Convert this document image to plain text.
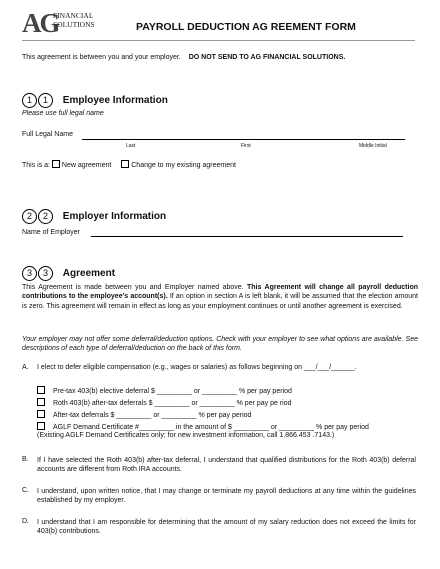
AG
FINANCIAL
SOLUTIONS	PAYROLL DEDUCTION AG REEMENT FORM
This agreement is between you and your employer. DO NOT SEND TO AG FINANCIAL SOLUTIONS.
1 1 Employee Information
Please use full legal name
Full Legal Name
Last	First	Middle Initial
This is a: New agreement	Change to my existing agreement
2 2 Employer Information
Name of Employer
3 3 Agreement
This Agreement is made between you and Employer named above. This Agreement will change all payroll deduction contributions to the employee’s account(s). If an option in section A is left blank, it will be assumed that the election amount is zero. This agreement will remain in effect as long as your employment continues or until another agreement is exercised.
Your employer may not offer some deferral/deduction options. Check with your employer to see what options are available. See descriptions of each type of deferral/deduction on the back of this form.
A. I elect to defer eligible compensation (e.g., wages or salaries) as follows beginning on ___/___/______.
Pre-tax 403(b) elective deferral $ _________ or _________ % per pay period
Roth 403(b) after-tax deferrals $ _________ or _________ % per pay pe riod
After-tax deferrals $ _________ or _________ % per pay period
AGLF Demand Certificate #_________ in the amount of $ _________ or _________ % per pay period
(Existing AGLF Demand Certificates only; for new investment information, call 1.866.453 .7143.)
B. If I have selected the Roth 403(b) after-tax deferral, I understand that qualified distributions for the Roth 403(b) deferral accounts are different from Roth IRA accounts.
C. I understand, upon written notice, that I may change or terminate my payroll deductions at any time within the guidelines established by my employer.
D. I understand that I am responsible for determining that the amount of my salary reduction does not exceed the limits for 403(b) contributions.
